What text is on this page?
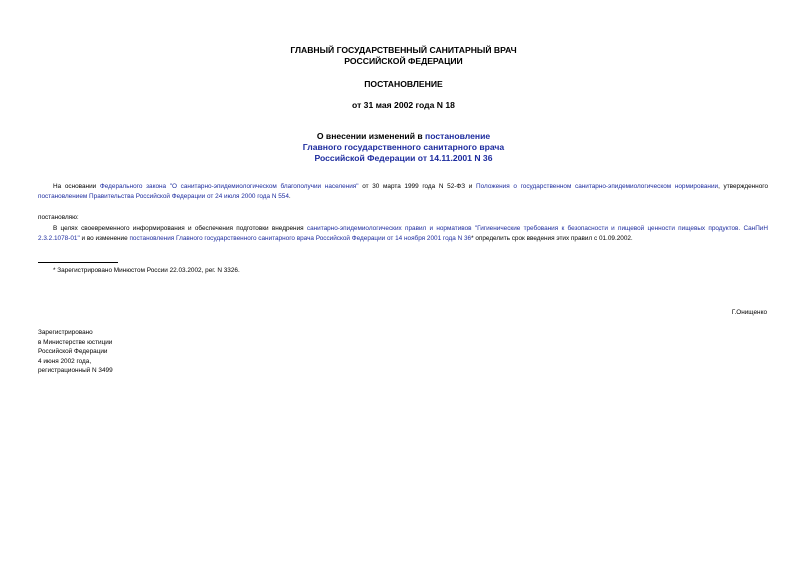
ГЛАВНЫЙ ГОСУДАРСТВЕННЫЙ САНИТАРНЫЙ ВРАЧ
РОССИЙСКОЙ ФЕДЕРАЦИИ
ПОСТАНОВЛЕНИЕ
от 31 мая 2002 года N 18
О внесении изменений в постановление
Главного государственного санитарного врача
Российской Федерации от 14.11.2001 N 36
На основании Федерального закона "О санитарно-эпидемиологическом благополучии населения" от 30 марта 1999 года N 52-ФЗ и Положения о государственном санитарно-эпидемиологическом нормировании, утвержденного постановлением Правительства Российской Федерации от 24 июля 2000 года N 554.
постановляю:
В целях своевременного информирования и обеспечения подготовки внедрения санитарно-эпидемиологических правил и нормативов "Гигиенические требования к безопасности и пищевой ценности пищевых продуктов. СанПиН 2.3.2.1078-01" и во изменение постановления Главного государственного санитарного врача Российской Федерации от 14 ноября 2001 года N 36* определить срок введения этих правил с 01.09.2002.
* Зарегистрировано Минюстом России 22.03.2002, рег. N 3326.
Г.Онищенко
Зарегистрировано
в Министерстве юстиции
Российской Федерации
4 июня 2002 года,
регистрационный N 3499
